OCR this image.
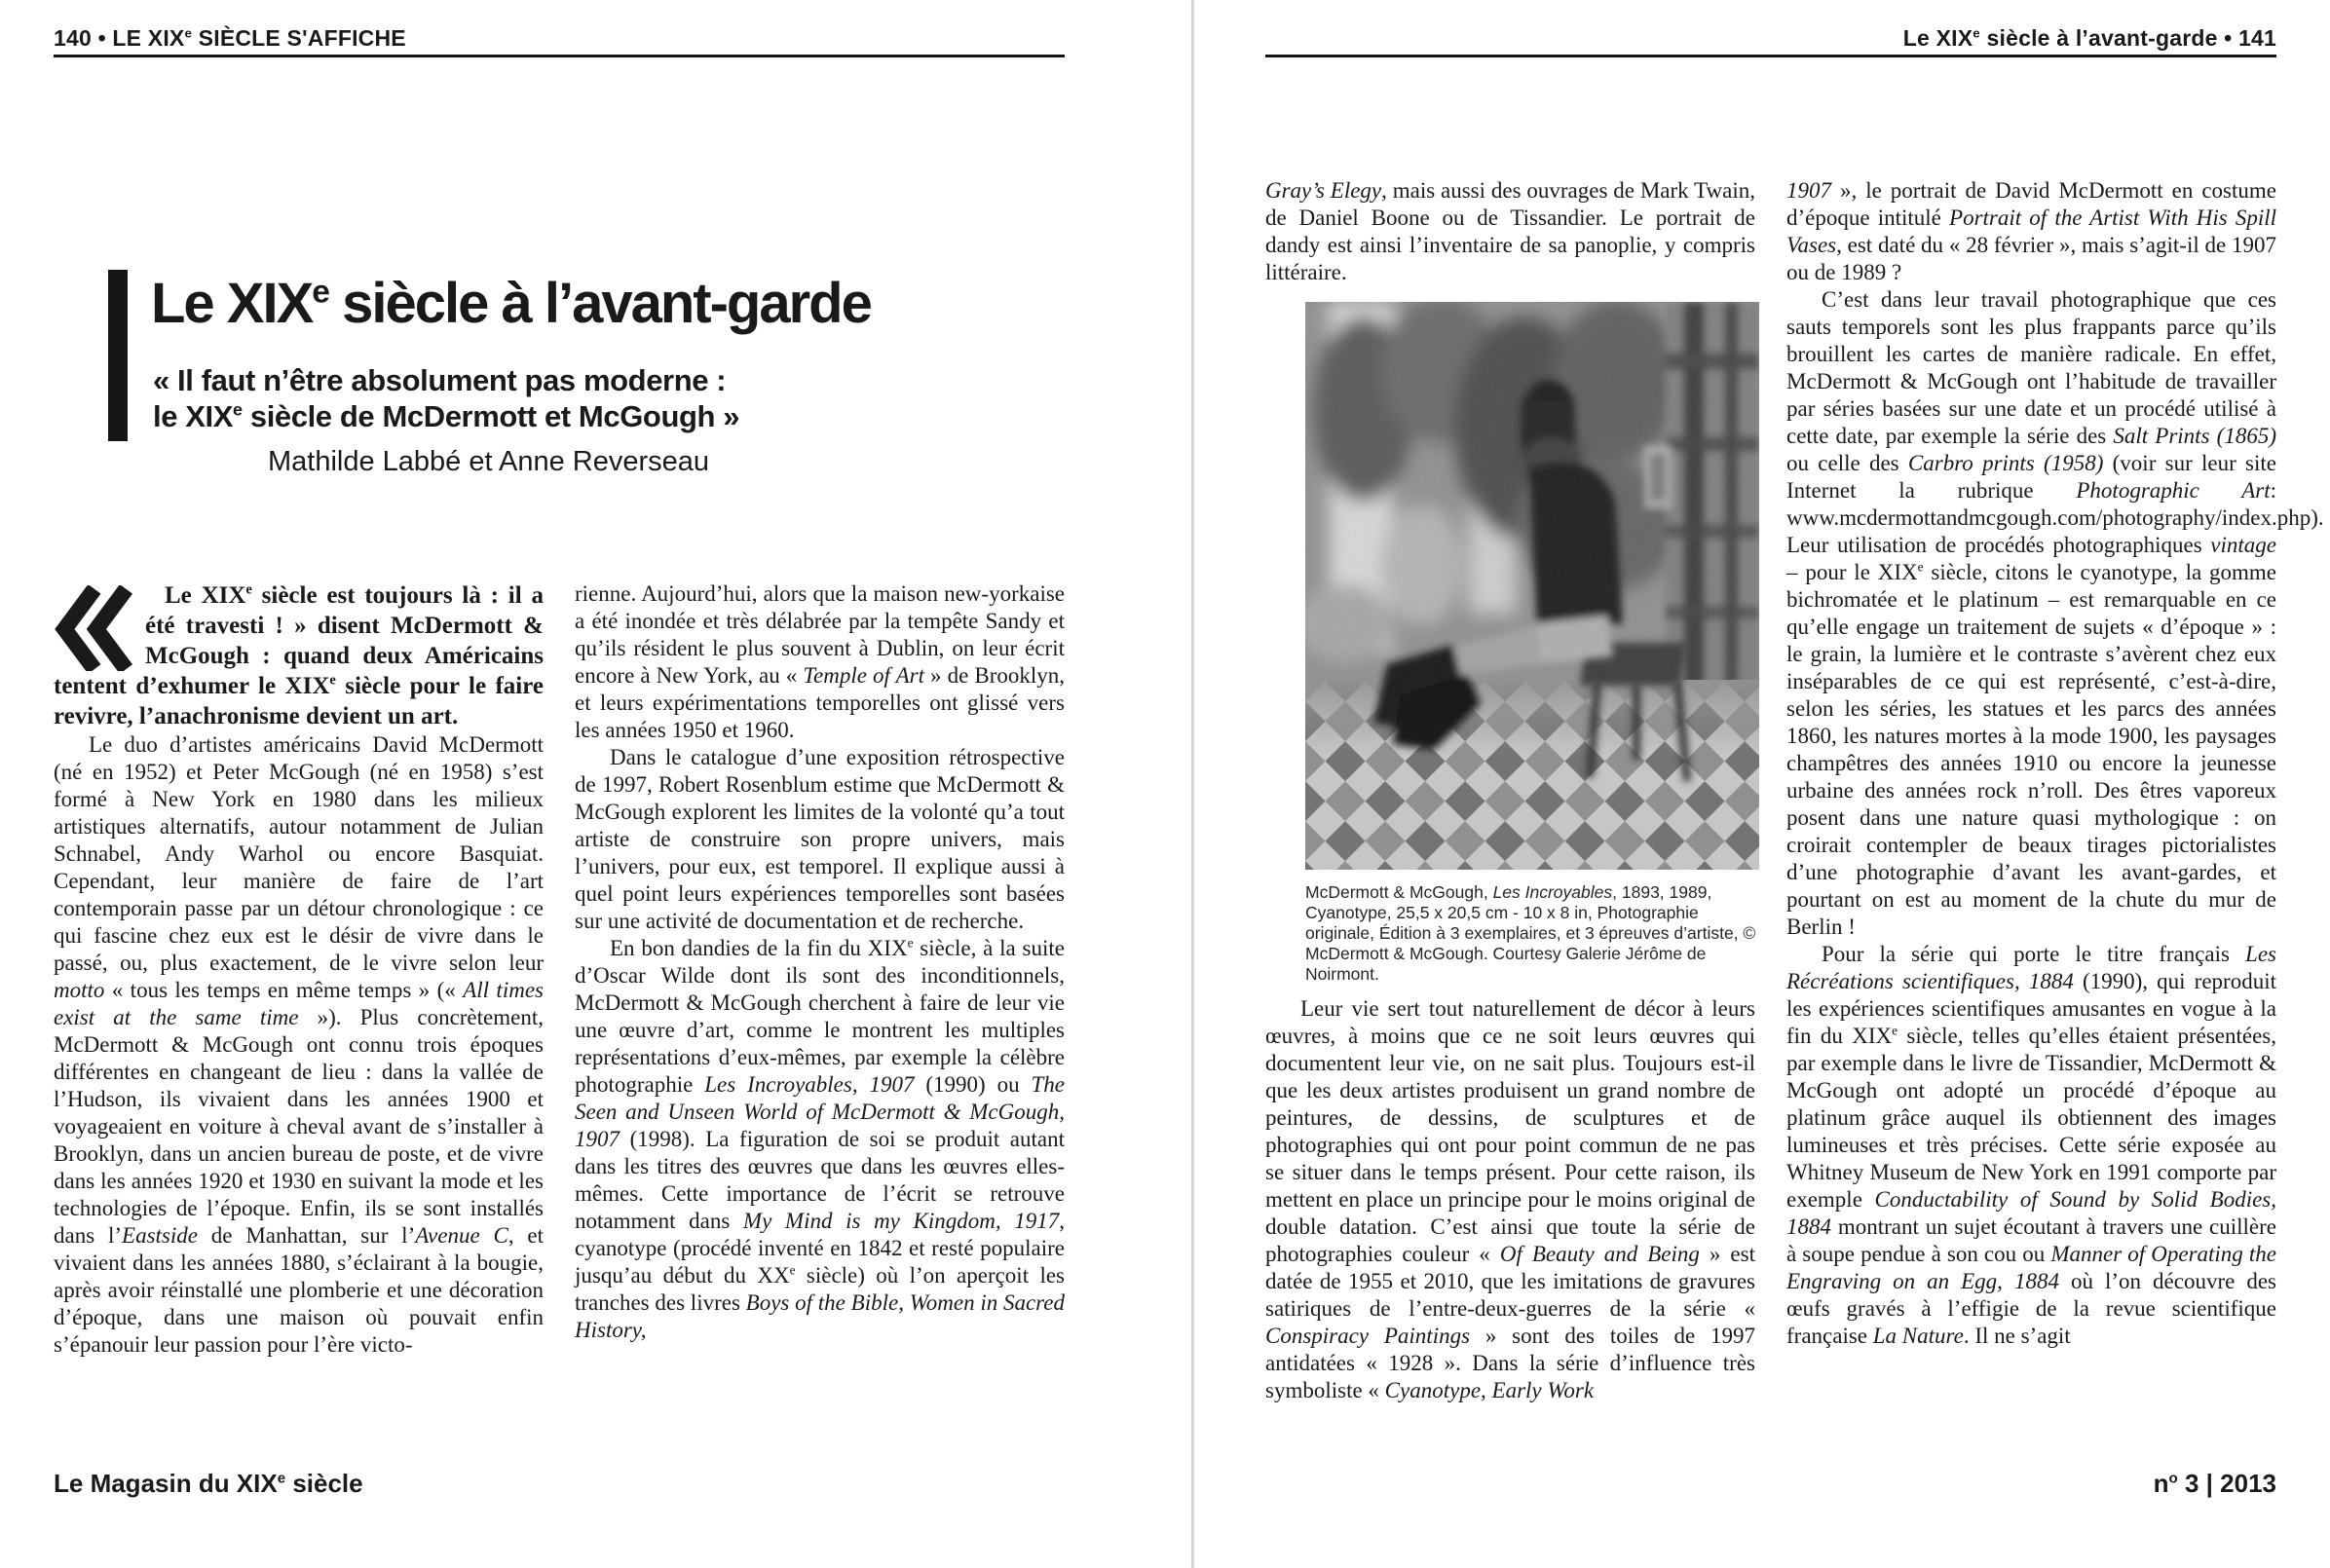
140 • LE XIXe SIÈCLE S'AFFICHE
Le XIXe siècle à l’avant-garde
« Il faut n’être absolument pas moderne :
le XIXe siècle de McDermott et McGough »
Mathilde Labbé et Anne Reverseau

Le XIXe siècle est toujours là : il a été travesti ! » disent McDermott & McGough : quand deux Américains tentent d’exhumer le XIXe siècle pour le faire revivre, l’anachronisme devient un art.

Le duo d’artistes américains David McDermott (né en 1952) et Peter McGough (né en 1958) s’est formé à New York en 1980 dans les milieux artistiques alternatifs, autour notamment de Julian Schnabel, Andy Warhol ou encore Basquiat. Cependant, leur manière de faire de l’art contemporain passe par un détour chronologique : ce qui fascine chez eux est le désir de vivre dans le passé, ou, plus exactement, de le vivre selon leur motto « tous les temps en même temps » (« All times exist at the same time »). Plus concrètement, McDermott & McGough ont connu trois époques différentes en changeant de lieu : dans la vallée de l’Hudson, ils vivaient dans les années 1900 et voyageaient en voiture à cheval avant de s’installer à Brooklyn, dans un ancien bureau de poste, et de vivre dans les années 1920 et 1930 en suivant la mode et les technologies de l’époque. Enfin, ils se sont installés dans l’Eastside de Manhattan, sur l’Avenue C, et vivaient dans les années 1880, s’éclairant à la bougie, après avoir réinstallé une plomberie et une décoration d’époque, dans une maison où pouvait enfin s’épanouir leur passion pour l’ère victo-

rienne. Aujourd’hui, alors que la maison new-yorkaise a été inondée et très délabrée par la tempête Sandy et qu’ils résident le plus souvent à Dublin, on leur écrit encore à New York, au « Temple of Art » de Brooklyn, et leurs expérimentations temporelles ont glissé vers les années 1950 et 1960.

Dans le catalogue d’une exposition rétrospective de 1997, Robert Rosenblum estime que McDermott & McGough explorent les limites de la volonté qu’a tout artiste de construire son propre univers, mais l’univers, pour eux, est temporel. Il explique aussi à quel point leurs expériences temporelles sont basées sur une activité de documentation et de recherche.

En bon dandies de la fin du XIXe siècle, à la suite d’Oscar Wilde dont ils sont des inconditionnels, McDermott & McGough cherchent à faire de leur vie une œuvre d’art, comme le montrent les multiples représentations d’eux-mêmes, par exemple la célèbre photographie Les Incroyables, 1907 (1990) ou The Seen and Unseen World of McDermott & McGough, 1907 (1998). La figuration de soi se produit autant dans les titres des œuvres que dans les œuvres elles-mêmes. Cette importance de l’écrit se retrouve notamment dans My Mind is my Kingdom, 1917, cyanotype (procédé inventé en 1842 et resté populaire jusqu’au début du XXe siècle) où l’on aperçoit les tranches des livres Boys of the Bible, Women in Sacred History,

Le Magasin du XIXe siècle
Le XIXe siècle à l’avant-garde • 141

Gray’s Elegy, mais aussi des ouvrages de Mark Twain, de Daniel Boone ou de Tissandier. Le portrait de dandy est ainsi l’inventaire de sa panoplie, y compris littéraire.

McDermott & McGough, Les Incroyables, 1893, 1989, Cyanotype, 25,5 x 20,5 cm - 10 x 8 in, Photographie originale, Édition à 3 exemplaires, et 3 épreuves d’artiste, © McDermott & McGough. Courtesy Galerie Jérôme de Noirmont.

Leur vie sert tout naturellement de décor à leurs œuvres, à moins que ce ne soit leurs œuvres qui documentent leur vie, on ne sait plus. Toujours est-il que les deux artistes produisent un grand nombre de peintures, de dessins, de sculptures et de photographies qui ont pour point commun de ne pas se situer dans le temps présent. Pour cette raison, ils mettent en place un principe pour le moins original de double datation. C’est ainsi que toute la série de photographies couleur « Of Beauty and Being » est datée de 1955 et 2010, que les imitations de gravures satiriques de l’entre-deux-guerres de la série « Conspiracy Paintings » sont des toiles de 1997 antidatées « 1928 ». Dans la série d’influence très symboliste « Cyanotype, Early Work

1907 », le portrait de David McDermott en costume d’époque intitulé Portrait of the Artist With His Spill Vases, est daté du « 28 février », mais s’agit-il de 1907 ou de 1989 ?

C’est dans leur travail photographique que ces sauts temporels sont les plus frappants parce qu’ils brouillent les cartes de manière radicale. En effet, McDermott & McGough ont l’habitude de travailler par séries basées sur une date et un procédé utilisé à cette date, par exemple la série des Salt Prints (1865) ou celle des Carbro prints (1958) (voir sur leur site Internet la rubrique Photographic Art: www.mcdermottandmcgough.com/photography/index.php). Leur utilisation de procédés photographiques vintage – pour le XIXe siècle, citons le cyanotype, la gomme bichromatée et le platinum – est remarquable en ce qu’elle engage un traitement de sujets « d’époque » : le grain, la lumière et le contraste s’avèrent chez eux inséparables de ce qui est représenté, c’est-à-dire, selon les séries, les statues et les parcs des années 1860, les natures mortes à la mode 1900, les paysages champêtres des années 1910 ou encore la jeunesse urbaine des années rock n’roll. Des êtres vaporeux posent dans une nature quasi mythologique : on croirait contempler de beaux tirages pictorialistes d’une photographie d’avant les avant-gardes, et pourtant on est au moment de la chute du mur de Berlin !

Pour la série qui porte le titre français Les Récréations scientifiques, 1884 (1990), qui reproduit les expériences scientifiques amusantes en vogue à la fin du XIXe siècle, telles qu’elles étaient présentées, par exemple dans le livre de Tissandier, McDermott & McGough ont adopté un procédé d’époque au platinum grâce auquel ils obtiennent des images lumineuses et très précises. Cette série exposée au Whitney Museum de New York en 1991 comporte par exemple Conductability of Sound by Solid Bodies, 1884 montrant un sujet écoutant à travers une cuillère à soupe pendue à son cou ou Manner of Operating the Engraving on an Egg, 1884 où l’on découvre des œufs gravés à l’effigie de la revue scientifique française La Nature. Il ne s’agit

$n^o$ 3 | 2013
